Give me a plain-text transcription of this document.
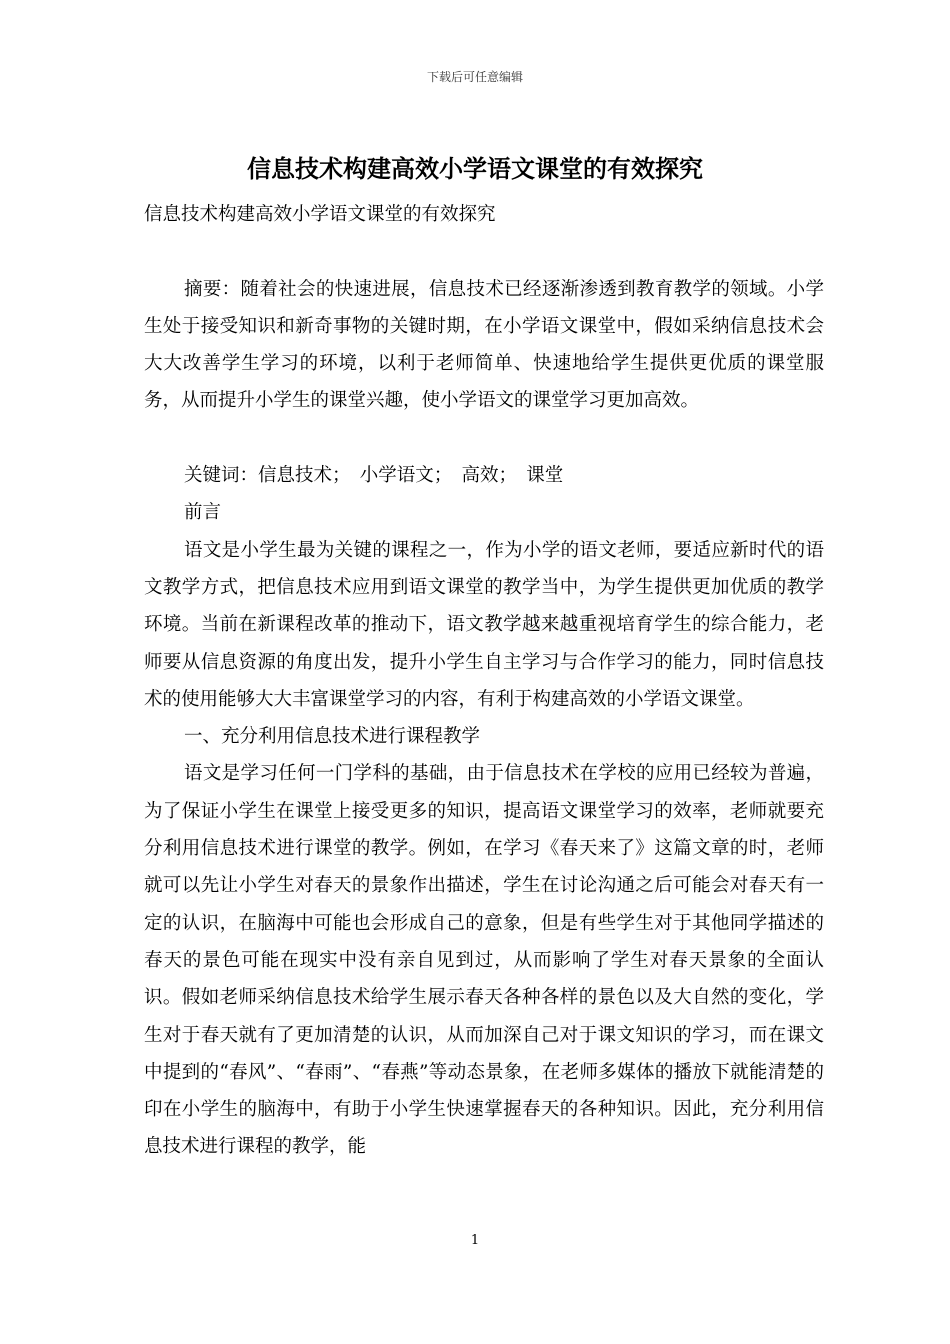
下载后可任意编辑
信息技术构建高效小学语文课堂的有效探究

信息技术构建高效小学语文课堂的有效探究

摘要：随着社会的快速进展，信息技术已经逐渐渗透到教育教学的领域。小学生处于接受知识和新奇事物的关键时期，在小学语文课堂中，假如采纳信息技术会大大改善学生学习的环境，以利于老师简单、快速地给学生提供更优质的课堂服务，从而提升小学生的课堂兴趣，使小学语文的课堂学习更加高效。

关键词：信息技术；　小学语文；　高效；　课堂

前言

语文是小学生最为关键的课程之一，作为小学的语文老师，要适应新时代的语文教学方式，把信息技术应用到语文课堂的教学当中，为学生提供更加优质的教学环境。当前在新课程改革的推动下，语文教学越来越重视培育学生的综合能力，老师要从信息资源的角度出发，提升小学生自主学习与合作学习的能力，同时信息技术的使用能够大大丰富课堂学习的内容，有利于构建高效的小学语文课堂。

一、充分利用信息技术进行课程教学

语文是学习任何一门学科的基础，由于信息技术在学校的应用已经较为普遍，为了保证小学生在课堂上接受更多的知识，提高语文课堂学习的效率，老师就要充分利用信息技术进行课堂的教学。例如，在学习《春天来了》这篇文章的时，老师就可以先让小学生对春天的景象作出描述，学生在讨论沟通之后可能会对春天有一定的认识，在脑海中可能也会形成自己的意象，但是有些学生对于其他同学描述的春天的景色可能在现实中没有亲自见到过，从而影响了学生对春天景象的全面认识。假如老师采纳信息技术给学生展示春天各种各样的景色以及大自然的变化，学生对于春天就有了更加清楚的认识，从而加深自己对于课文知识的学习，而在课文中提到的“春风”、“春雨”、“春燕”等动态景象，在老师多媒体的播放下就能清楚的印在小学生的脑海中，有助于小学生快速掌握春天的各种知识。因此，充分利用信息技术进行课程的教学，能

1
